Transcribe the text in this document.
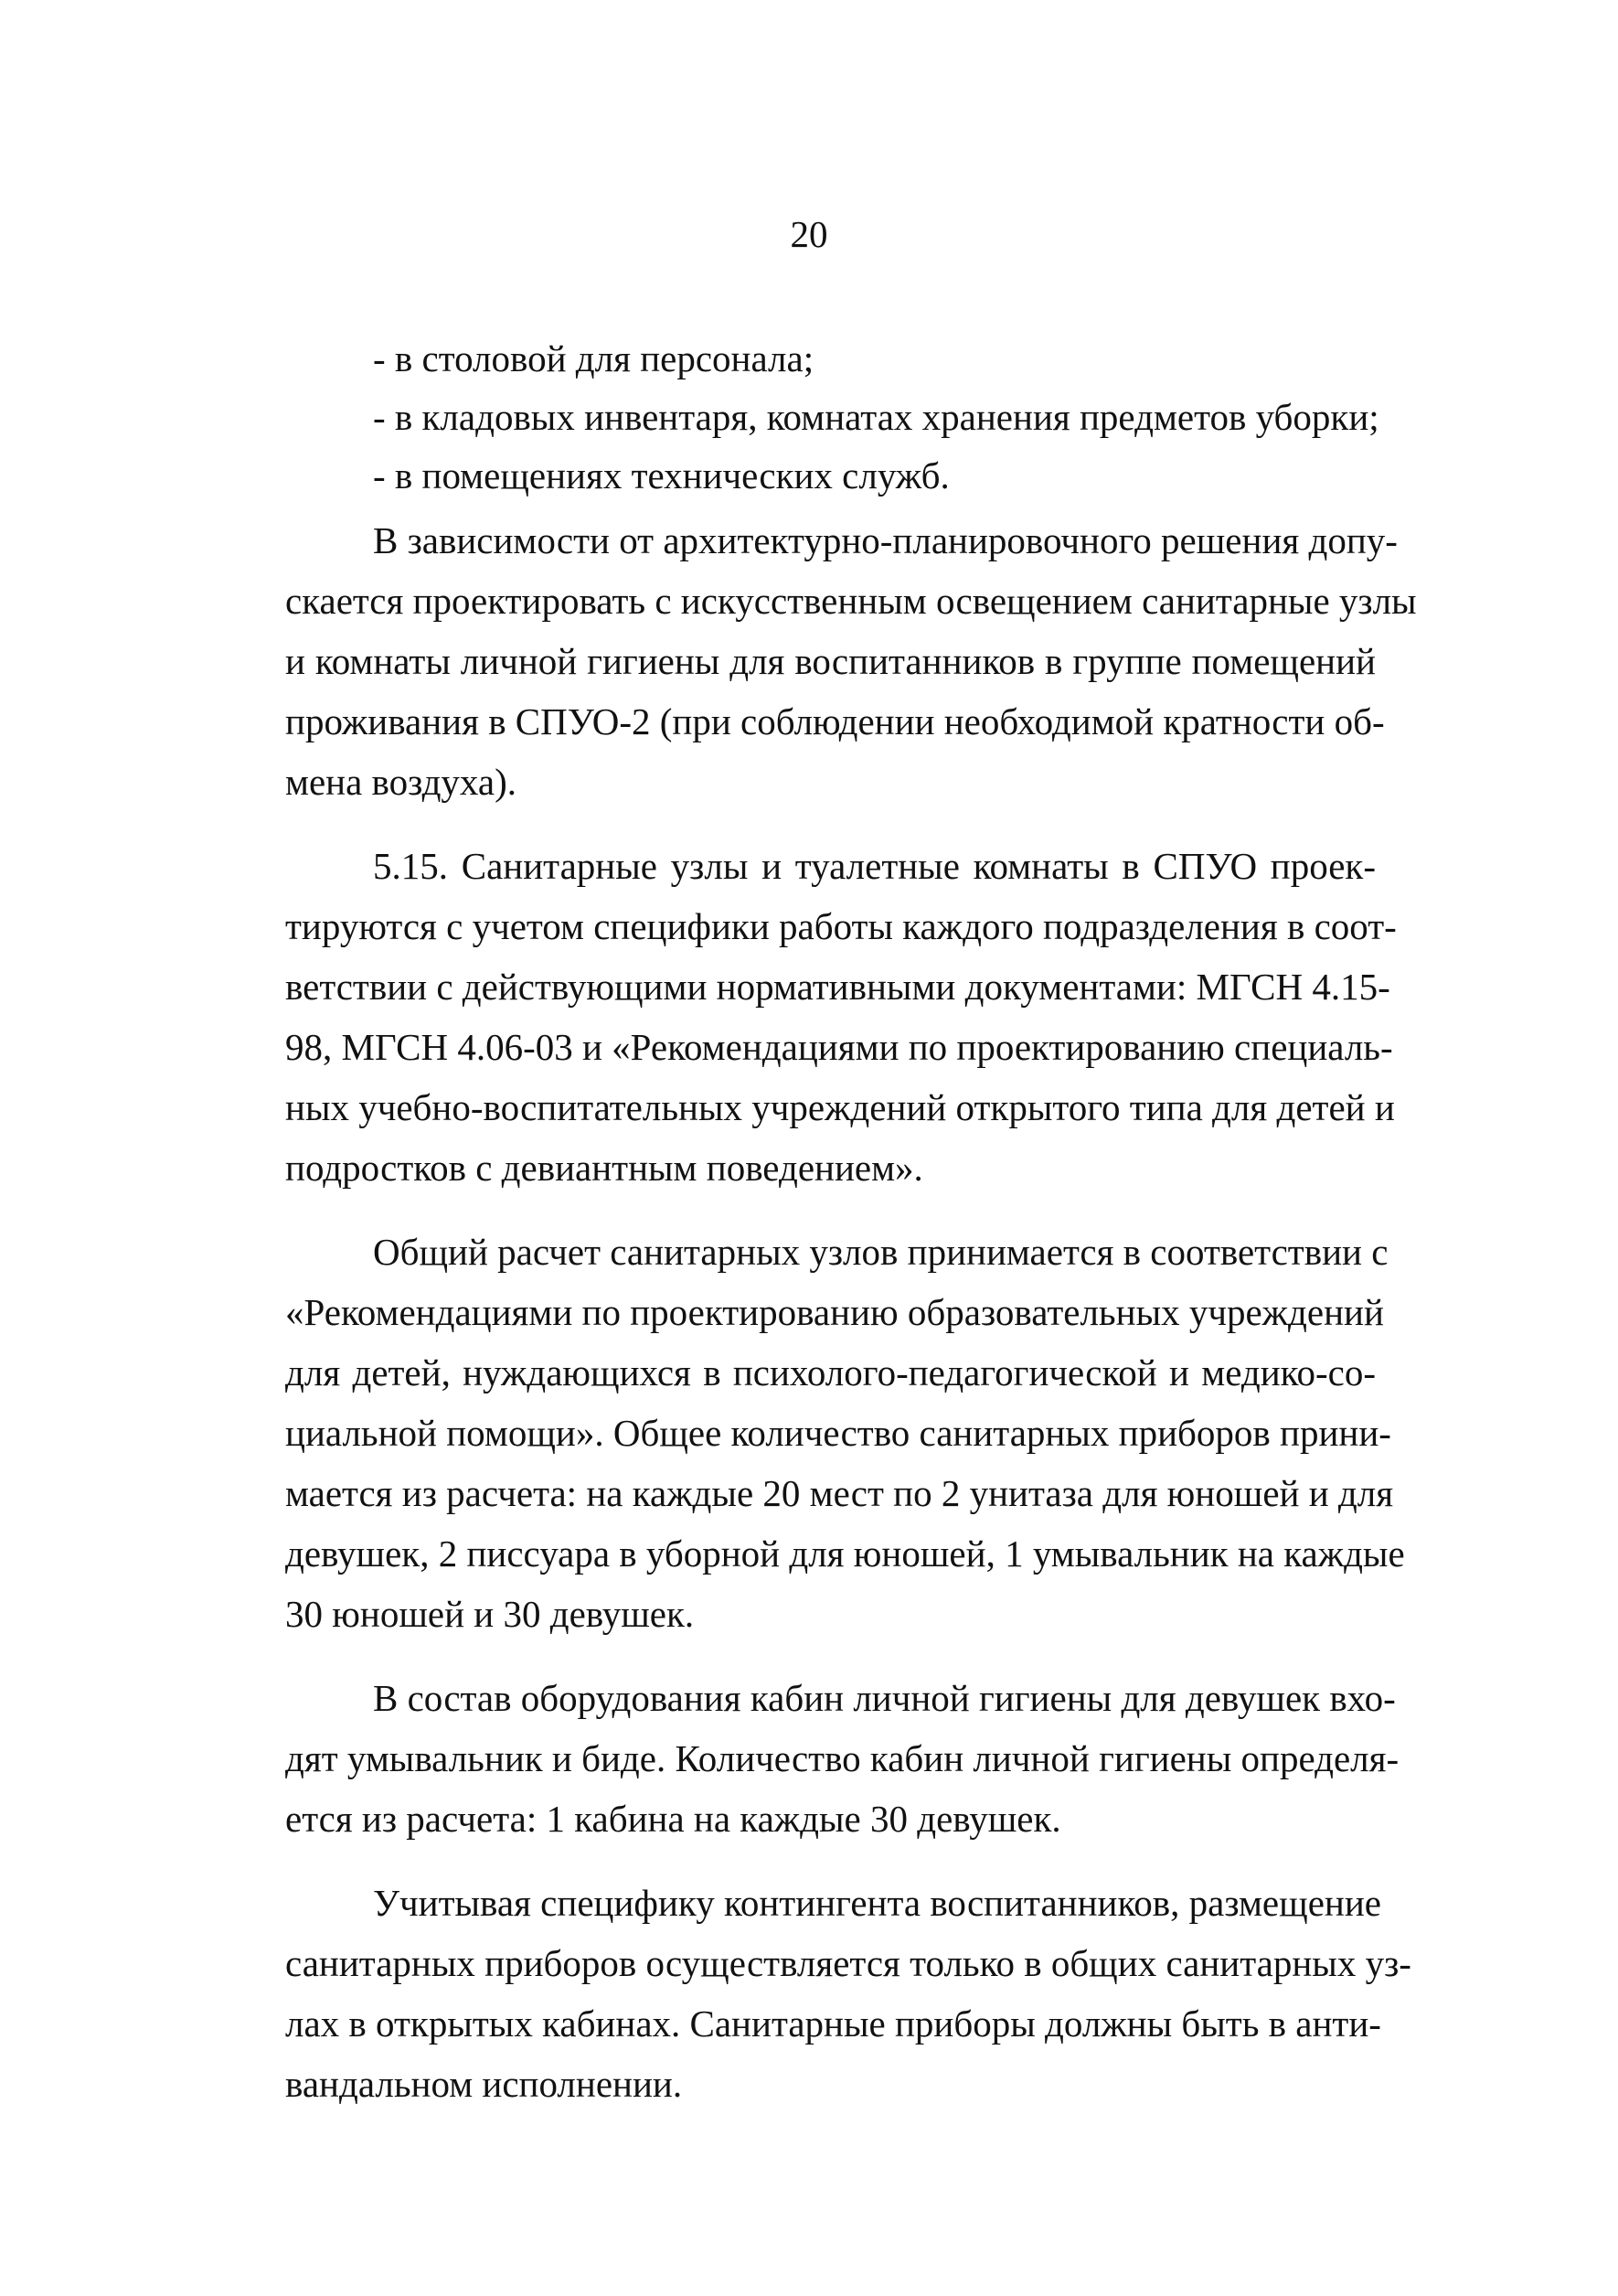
20
- в столовой для персонала;
- в кладовых инвентаря, комнатах хранения предметов уборки;
- в помещениях технических служб.
В зависимости от архитектурно-планировочного решения допу-
скается проектировать с искусственным освещением санитарные узлы
и комнаты личной гигиены для воспитанников в группе помещений
проживания в СПУО-2 (при соблюдении необходимой кратности об-
мена воздуха).
5.15. Санитарные узлы и туалетные комнаты в СПУО проек-
тируются с учетом специфики работы каждого подразделения в соот-
ветствии с действующими нормативными документами: МГСН 4.15-
98, МГСН 4.06-03 и «Рекомендациями по проектированию специаль-
ных учебно-воспитательных учреждений открытого типа для детей и
подростков с девиантным поведением».
Общий расчет санитарных узлов принимается в соответствии с
«Рекомендациями по проектированию образовательных учреждений
для детей, нуждающихся в психолого-педагогической и медико-со-
циальной помощи». Общее количество санитарных приборов прини-
мается из расчета: на каждые 20 мест по 2 унитаза для юношей и для
девушек, 2 писсуара в уборной для юношей, 1 умывальник на каждые
30 юношей и 30 девушек.
В состав оборудования кабин личной гигиены для девушек вхо-
дят умывальник и биде. Количество кабин личной гигиены определя-
ется из расчета: 1 кабина на каждые 30 девушек.
Учитывая специфику контингента воспитанников, размещение
санитарных приборов осуществляется только в общих санитарных уз-
лах в открытых кабинах. Санитарные приборы должны быть в анти-
вандальном исполнении.
